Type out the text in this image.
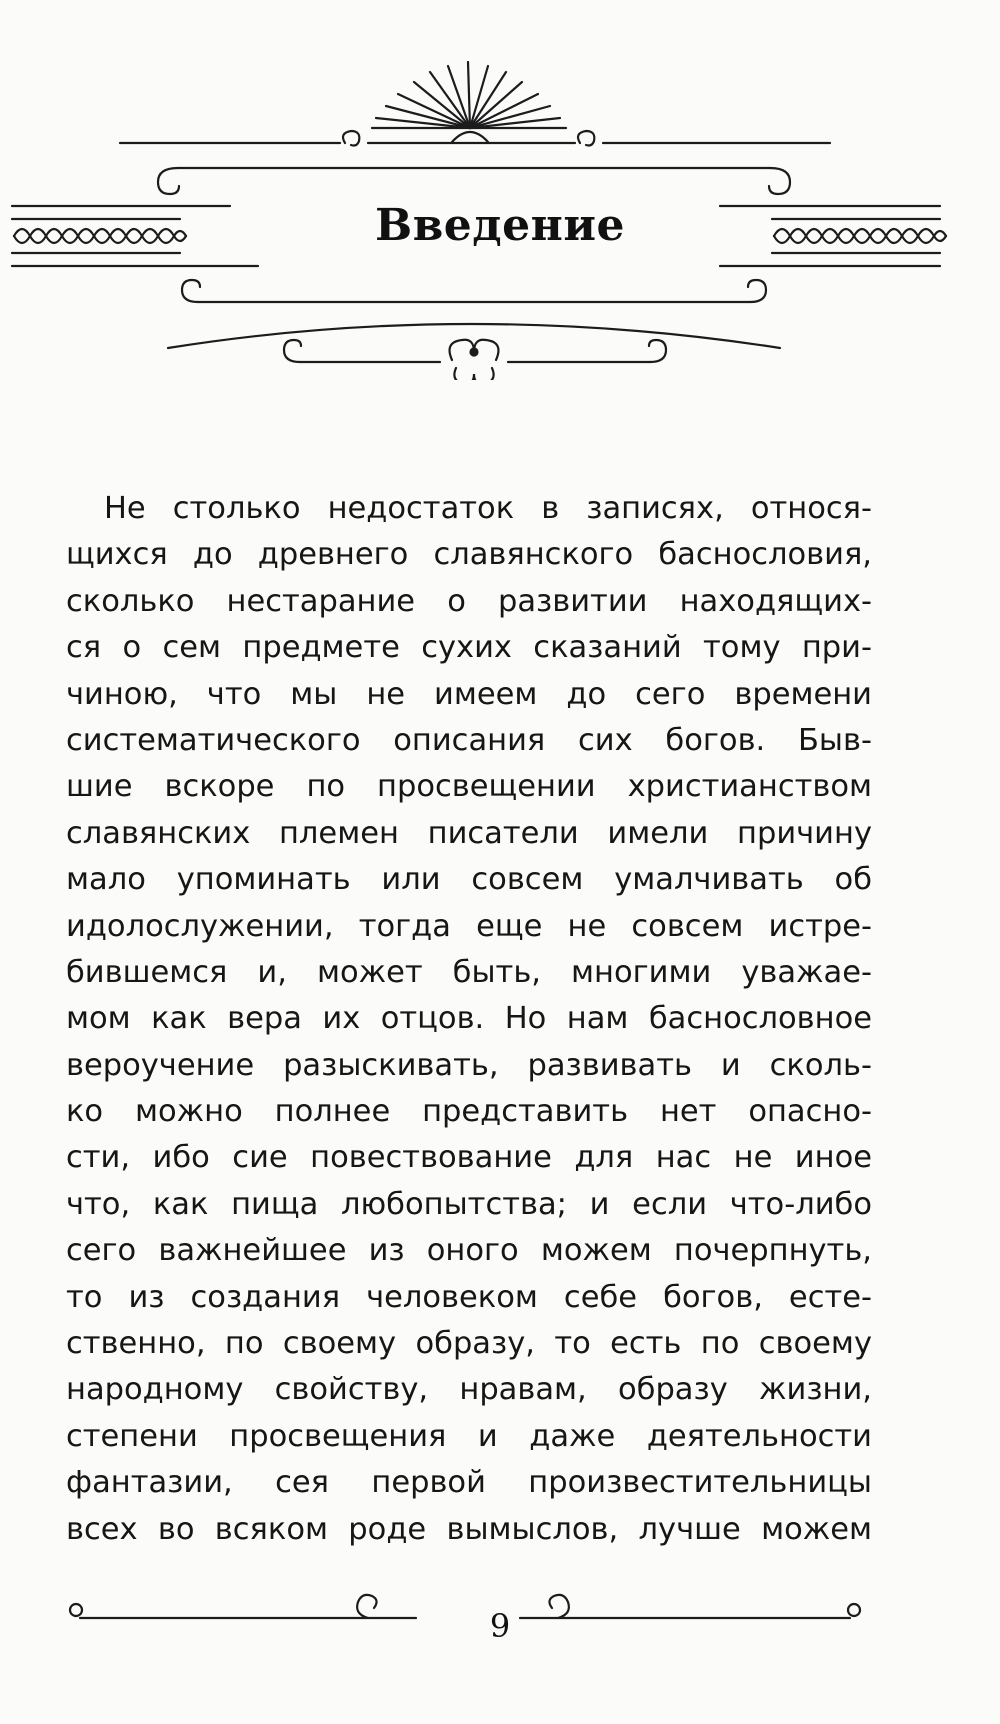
Введение
Не столько недостаток в записях, относя-
щихся до древнего славянского баснословия,
сколько нестарание о развитии находящих-
ся о сем предмете сухих сказаний тому при-
чиною, что мы не имеем до сего времени
систематического описания сих богов. Быв-
шие вскоре по просвещении христианством
славянских племен писатели имели причину
мало упоминать или совсем умалчивать об
идолослужении, тогда еще не совсем истре-
бившемся и, может быть, многими уважае-
мом как вера их отцов. Но нам баснословное
вероучение разыскивать, развивать и сколь-
ко можно полнее представить нет опасно-
сти, ибо сие повествование для нас не иное
что, как пища любопытства; и если что-либо
сего важнейшее из оного можем почерпнуть,
то из создания человеком себе богов, есте-
ственно, по своему образу, то есть по своему
народному свойству, нравам, образу жизни,
степени просвещения и даже деятельности
фантазии, сея первой произвестительницы
всех во всяком роде вымыслов, лучше можем
9
